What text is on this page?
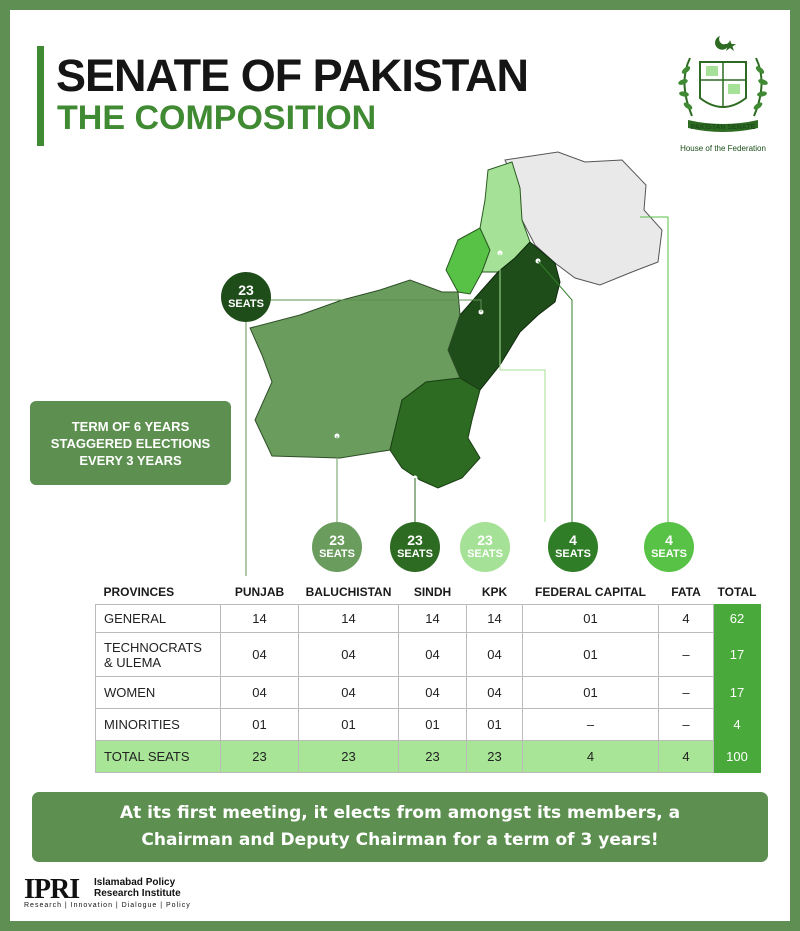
SENATE OF PAKISTAN
THE COMPOSITION	PAKISTAN SENATE
House of the Federation
TERM OF 6 YEARS
STAGGERED ELECTIONS
EVERY 3 YEARS
23
SEATS
23
SEATS
23
SEATS
23
SEATS
4
SEATS
4
SEATS
PROVINCES	PUNJAB	BALUCHISTAN	SINDH	KPK	FEDERAL CAPITAL	FATA	TOTAL
GENERAL	14	14	14	14	01	4	62
TECHNOCRATS
& ULEMA	04	04	04	04	01	–	17
WOMEN	04	04	04	04	01	–	17
MINORITIES	01	01	01	01	–	–	4
TOTAL SEATS	23	23	23	23	4	4	100
At its first meeting, it elects from amongst its members, a
Chairman and Deputy Chairman for a term of 3 years!
IPRI Islamabad Policy
Research Institute
Research | Innovation | Dialogue | Policy
